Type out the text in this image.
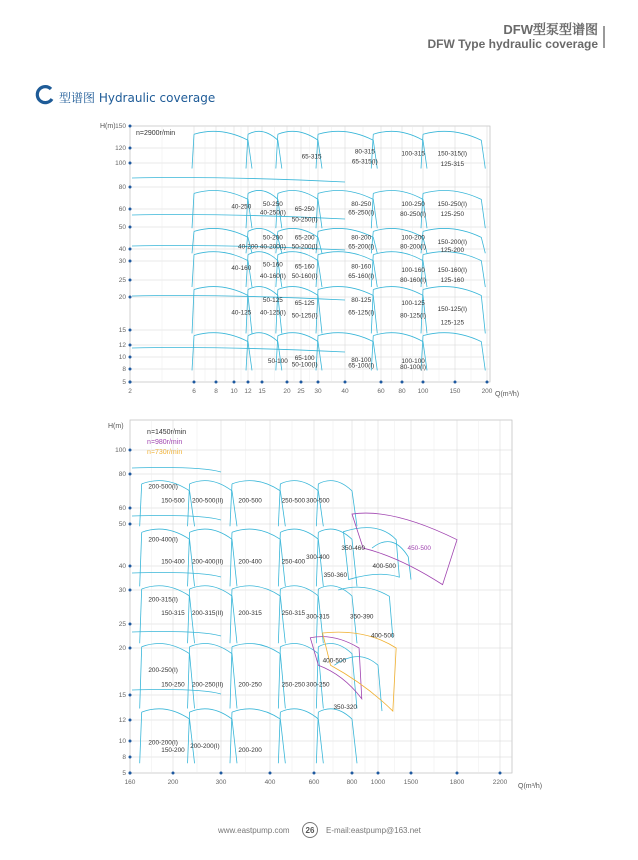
DFW型泵型谱图
DFW Type hydraulic coverage
型谱图 Hydraulic coverage
H(m)
n=2900r/min
Q(m³/h)
H(m)
n=1450r/min
n=980r/min
n=730r/min
Q(m³/h)
2	6	8 10 12 15	20 25 30	40	60 80 100	150	200
150
120
100
80
60
50
40
30
25
20
15
12
10
8
5
65-315
80-315
65-315(I)
100-315 150-315(I)
125-315
40-250 50-250
40-250(I) 65-250
50-250(I)
80-250
65-250(I)
100-250
80-250(I)
150-250(I)
125-250
40-200
50-200
40-200(I)
65-200
50-200(I)
80-200
65-200(I)
100-200
80-200(I)
150-200(I)
125-200
40-160
50-160
40-160(I)
65-160
50-160(I)
80-160
65-160(I)
100-160
80-160(I)
150-160(I)
125-160
40-125
50-125
40-125(I)
65-125
50-125(I)
80-125
65-125(I)
100-125
80-125(I)
150-125(I)
125-125
50-100 65-100
50-100(I)
80-100
65-100(I)
100-100
80-100(I)
160	200	300	400	600	800 1000	1500	1800	2200
100
80
60
50
40
30
25
20
15
12
10
8
5
200-500(I)
150-500 200-500(II) 200-500	250-500 300-500
350-460
400-500
450-500
200-400(I)
150-400 200-400(II) 200-400	250-400
300-400
350-360
200-315(I)
150-315 200-315(II) 200-315	250-315
300-315	350-390
400-500
400-500
200-250(I)
150-250 200-250(II) 200-250	250-250 300-250
350-320
200-200(I)
150-200
200-200(I)
200-200
www.eastpump.com	26	E-mail:eastpump@163.net
